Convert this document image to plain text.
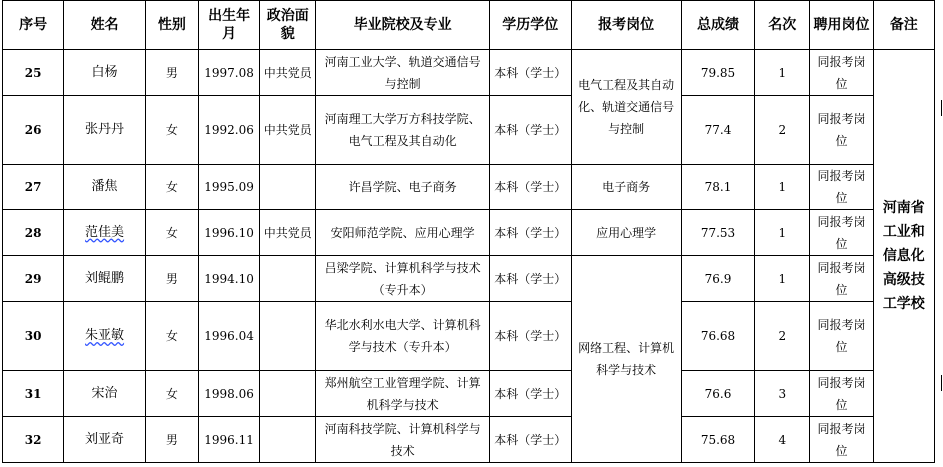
序号	姓名	性别	出生年月	政治面貌	毕业院校及专业	学历学位	报考岗位	总成绩	名次	聘用岗位	备注
25	白杨	男	1997.08	中共党员	河南工业大学、轨道交通信号与控制	本科（学士）	电气工程及其自动化、轨道交通信号与控制	79.85	1	同报考岗位	河南省工业和信息化高级技工学校
26	张丹丹	女	1992.06	中共党员	河南理工大学万方科技学院、电气工程及其自动化	本科（学士）		77.4	2	同报考岗位	
27	潘焦	女	1995.09		许昌学院、电子商务	本科（学士）	电子商务	78.1	1	同报考岗位	
28	范佳美	女	1996.10	中共党员	安阳师范学院、应用心理学	本科（学士）	应用心理学	77.53	1	同报考岗位	
29	刘鲲鹏	男	1994.10		吕梁学院、计算机科学与技术（专升本）	本科（学士）	网络工程、计算机科学与技术	76.9	1	同报考岗位	
30	朱亚敏	女	1996.04		华北水利水电大学、计算机科学与技术（专升本）	本科（学士）		76.68	2	同报考岗位	
31	宋治	女	1998.06		郑州航空工业管理学院、计算机科学与技术	本科（学士）		76.6	3	同报考岗位	
32	刘亚奇	男	1996.11		河南科技学院、计算机科学与技术	本科（学士）		75.68	4	同报考岗位	
